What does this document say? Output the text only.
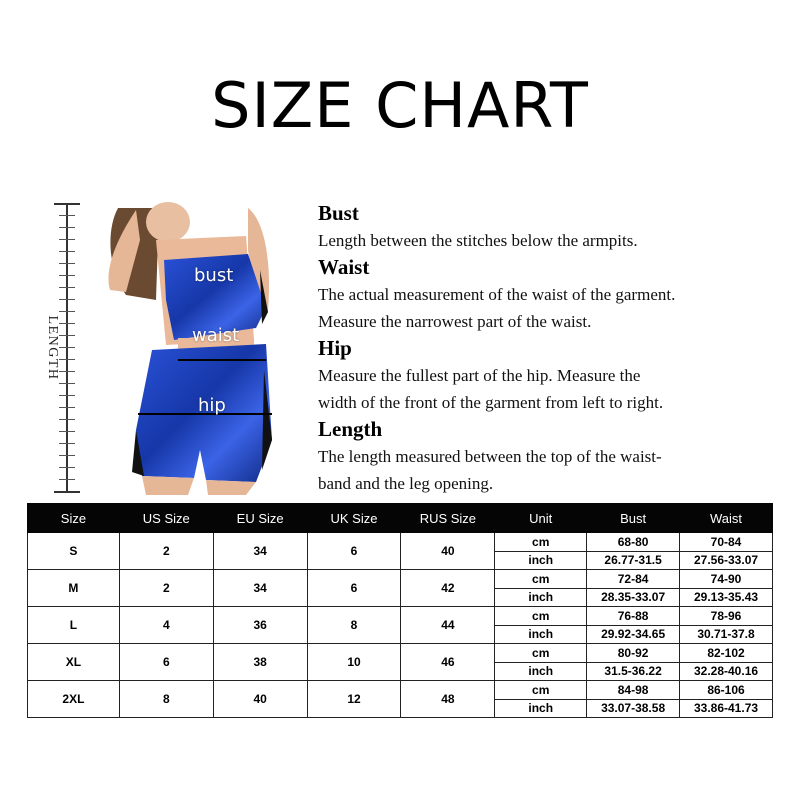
SIZE CHART
LENGTH
bust
waist
hip
Bust
Length between the stitches below the armpits.
Waist
The actual measurement of the waist of the garment.
Measure the narrowest part of the waist.
Hip
Measure the fullest part of the hip. Measure the
width of the front of the garment from left to right.
Length
The length measured between the top of the waist-
band and the leg opening.
Size	US Size	EU Size	UK Size	RUS Size	Unit	Bust	Waist
S	2	34	6	40	cm	68-80	70-84
					inch	26.77-31.5	27.56-33.07
M	2	34	6	42	cm	72-84	74-90
					inch	28.35-33.07	29.13-35.43
L	4	36	8	44	cm	76-88	78-96
					inch	29.92-34.65	30.71-37.8
XL	6	38	10	46	cm	80-92	82-102
					inch	31.5-36.22	32.28-40.16
2XL	8	40	12	48	cm	84-98	86-106
					inch	33.07-38.58	33.86-41.73
